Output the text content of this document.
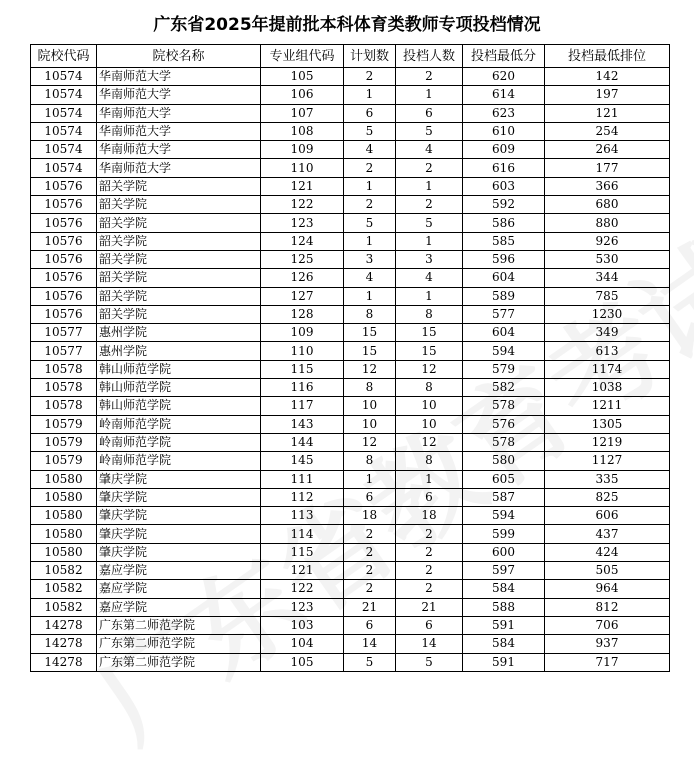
广东省2025年提前批本科体育类教师专项投档情况
院校代码	院校名称	专业组代码	计划数	投档人数	投档最低分	投档最低排位
10574	华南师范大学	105	2	2	620	142
10574	华南师范大学	106	1	1	614	197
10574	华南师范大学	107	6	6	623	121
10574	华南师范大学	108	5	5	610	254
10574	华南师范大学	109	4	4	609	264
10574	华南师范大学	110	2	2	616	177
10576	韶关学院	121	1	1	603	366
10576	韶关学院	122	2	2	592	680
10576	韶关学院	123	5	5	586	880
10576	韶关学院	124	1	1	585	926
10576	韶关学院	125	3	3	596	530
10576	韶关学院	126	4	4	604	344
10576	韶关学院	127	1	1	589	785
10576	韶关学院	128	8	8	577	1230
10577	惠州学院	109	15	15	604	349
10577	惠州学院	110	15	15	594	613
10578	韩山师范学院	115	12	12	579	1174
10578	韩山师范学院	116	8	8	582	1038
10578	韩山师范学院	117	10	10	578	1211
10579	岭南师范学院	143	10	10	576	1305
10579	岭南师范学院	144	12	12	578	1219
10579	岭南师范学院	145	8	8	580	1127
10580	肇庆学院	111	1	1	605	335
10580	肇庆学院	112	6	6	587	825
10580	肇庆学院	113	18	18	594	606
10580	肇庆学院	114	2	2	599	437
10580	肇庆学院	115	2	2	600	424
10582	嘉应学院	121	2	2	597	505
10582	嘉应学院	122	2	2	584	964
10582	嘉应学院	123	21	21	588	812
14278	广东第二师范学院	103	6	6	591	706
14278	广东第二师范学院	104	14	14	584	937
14278	广东第二师范学院	105	5	5	591	717
